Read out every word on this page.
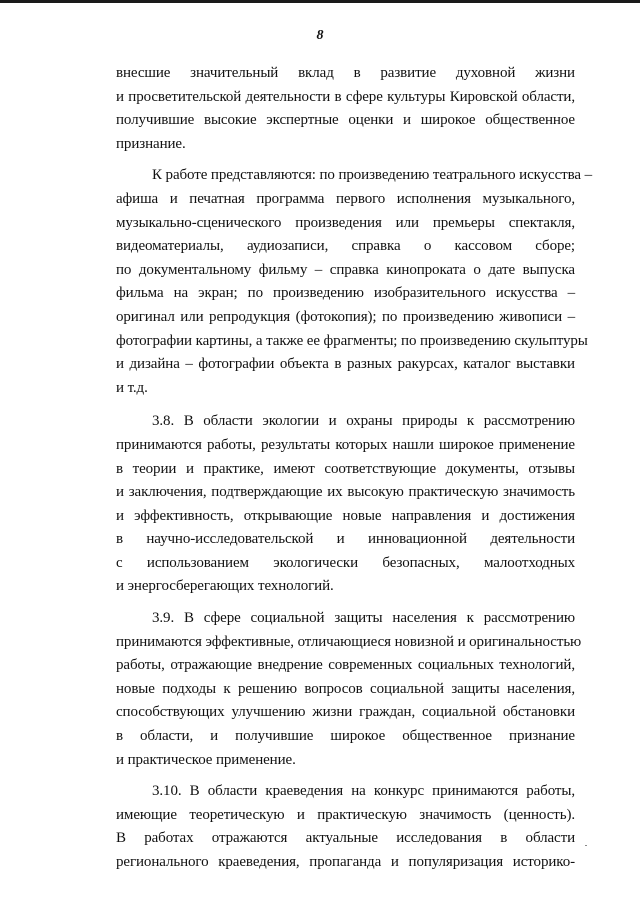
8
внесшие значительный вклад в развитие духовной жизни
и просветительской деятельности в сфере культуры Кировской области,
получившие высокие экспертные оценки и широкое общественное
признание.
К работе представляются: по произведению театрального искусства –
афиша и печатная программа первого исполнения музыкального,
музыкально-сценического произведения или премьеры спектакля,
видеоматериалы, аудиозаписи, справка о кассовом сборе;
по документальному фильму – справка кинопроката о дате выпуска
фильма на экран; по произведению изобразительного искусства –
оригинал или репродукция (фотокопия); по произведению живописи –
фотографии картины, а также ее фрагменты; по произведению скульптуры
и дизайна – фотографии объекта в разных ракурсах, каталог выставки
и т.д.
3.8. В области экологии и охраны природы к рассмотрению
принимаются работы, результаты которых нашли широкое применение
в теории и практике, имеют соответствующие документы, отзывы
и заключения, подтверждающие их высокую практическую значимость
и эффективность, открывающие новые направления и достижения
в научно-исследовательской и инновационной деятельности
с использованием экологически безопасных, малоотходных
и энергосберегающих технологий.
3.9. В сфере социальной защиты населения к рассмотрению
принимаются эффективные, отличающиеся новизной и оригинальностью
работы, отражающие внедрение современных социальных технологий,
новые подходы к решению вопросов социальной защиты населения,
способствующих улучшению жизни граждан, социальной обстановки
в области, и получившие широкое общественное признание
и практическое применение.
3.10. В области краеведения на конкурс принимаются работы,
имеющие теоретическую и практическую значимость (ценность).
В работах отражаются актуальные исследования в области
регионального краеведения, пропаганда и популяризация историко-
